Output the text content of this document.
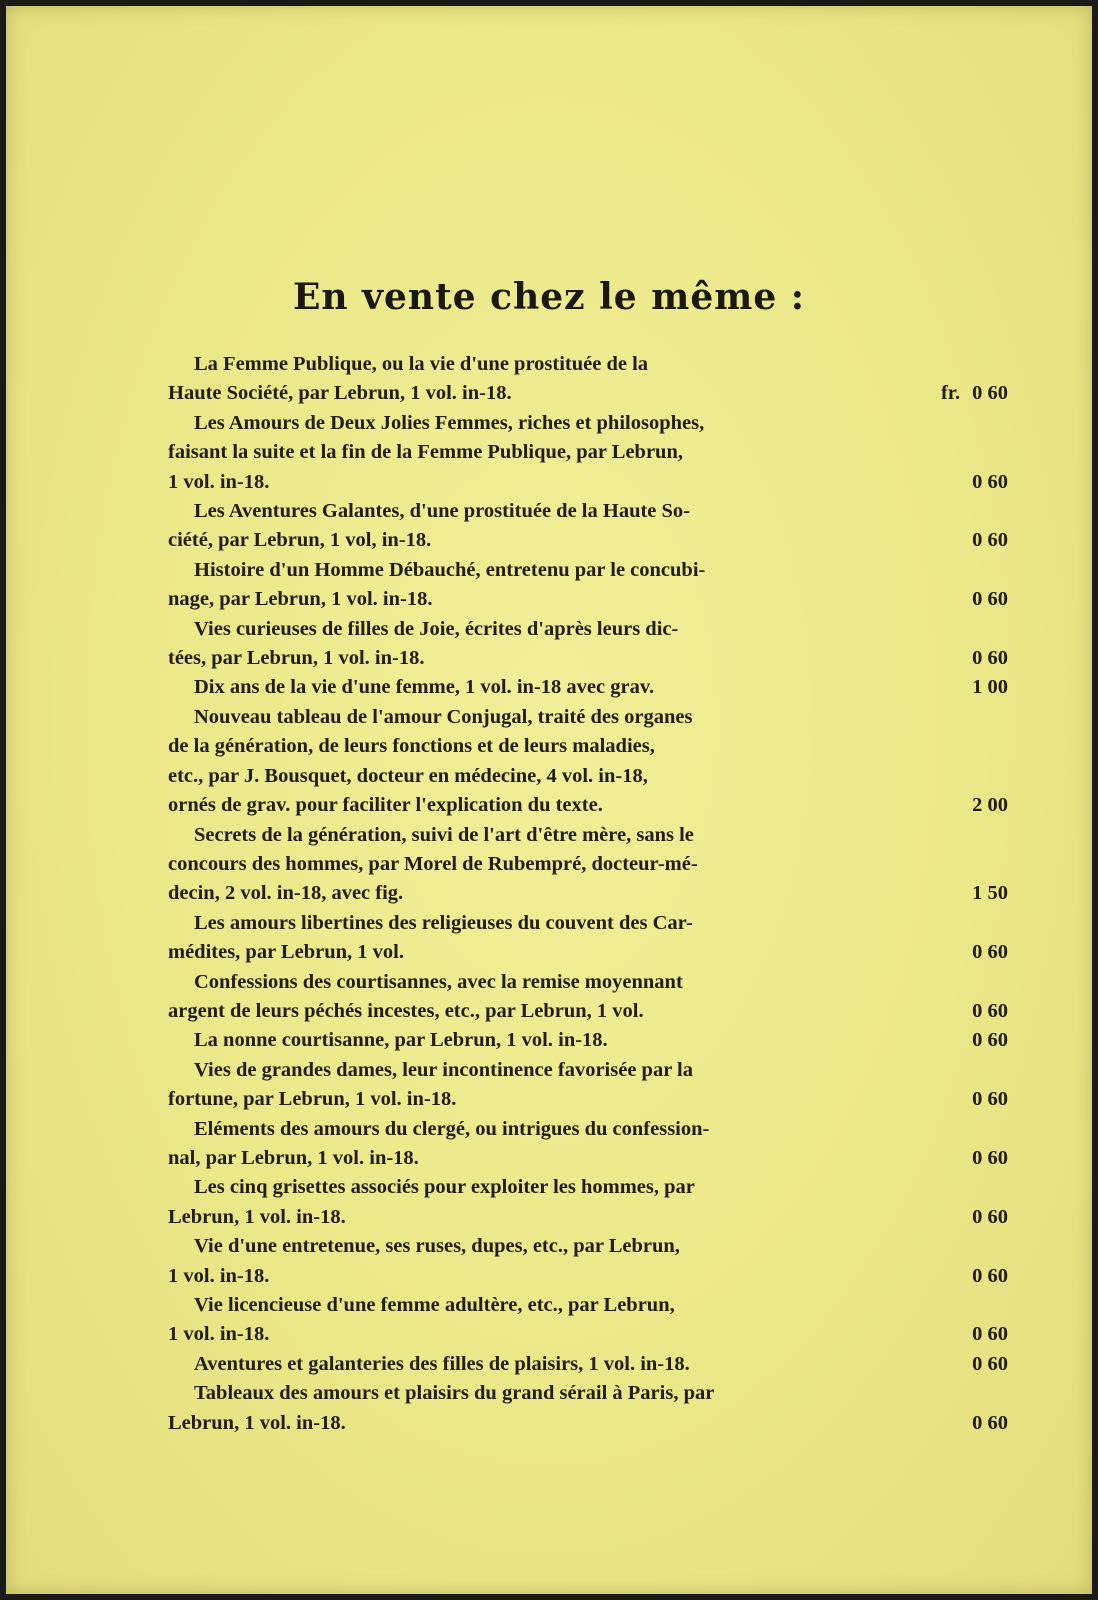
En vente chez le même :
La Femme Publique, ou la vie d'une prostituée de la
Haute Société, par Lebrun, 1 vol. in-18.	fr. 0 60
Les Amours de Deux Jolies Femmes, riches et philosophes,
faisant la suite et la fin de la Femme Publique, par Lebrun,
1 vol. in-18.	0 60
Les Aventures Galantes, d'une prostituée de la Haute So-
ciété, par Lebrun, 1 vol, in-18.	0 60
Histoire d'un Homme Débauché, entretenu par le concubi-
nage, par Lebrun, 1 vol. in-18.	0 60
Vies curieuses de filles de Joie, écrites d'après leurs dic-
tées, par Lebrun, 1 vol. in-18.	0 60
Dix ans de la vie d'une femme, 1 vol. in-18 avec grav.	1 00
Nouveau tableau de l'amour Conjugal, traité des organes
de la génération, de leurs fonctions et de leurs maladies,
etc., par J. Bousquet, docteur en médecine, 4 vol. in-18,
ornés de grav. pour faciliter l'explication du texte.	2 00
Secrets de la génération, suivi de l'art d'être mère, sans le
concours des hommes, par Morel de Rubempré, docteur-mé-
decin, 2 vol. in-18, avec fig.	1 50
Les amours libertines des religieuses du couvent des Car-
médites, par Lebrun, 1 vol.	0 60
Confessions des courtisannes, avec la remise moyennant
argent de leurs péchés incestes, etc., par Lebrun, 1 vol.	0 60
La nonne courtisanne, par Lebrun, 1 vol. in-18.	0 60
Vies de grandes dames, leur incontinence favorisée par la
fortune, par Lebrun, 1 vol. in-18.	0 60
Eléments des amours du clergé, ou intrigues du confession-
nal, par Lebrun, 1 vol. in-18.	0 60
Les cinq grisettes associés pour exploiter les hommes, par
Lebrun, 1 vol. in-18.	0 60
Vie d'une entretenue, ses ruses, dupes, etc., par Lebrun,
1 vol. in-18.	0 60
Vie licencieuse d'une femme adultère, etc., par Lebrun,
1 vol. in-18.	0 60
Aventures et galanteries des filles de plaisirs, 1 vol. in-18.	0 60
Tableaux des amours et plaisirs du grand sérail à Paris, par
Lebrun, 1 vol. in-18.	0 60
